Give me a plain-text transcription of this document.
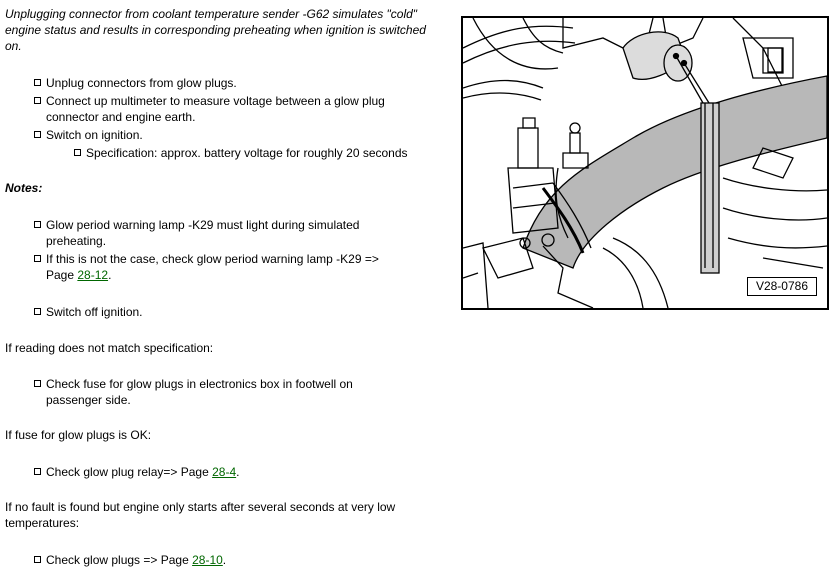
Unplugging connector from coolant temperature sender -G62 simulates "cold" engine status and results in corresponding preheating when ignition is switched on.

Unplug connectors from glow plugs.
Connect up multimeter to measure voltage between a glow plug connector and engine earth.
Switch on ignition.
Specification: approx. battery voltage for roughly 20 seconds

Notes:

Glow period warning lamp -K29 must light during simulated preheating.
If this is not the case, check glow period warning lamp -K29 => Page 28-12.
Switch off ignition.

If reading does not match specification:

Check fuse for glow plugs in electronics box in footwell on passenger side.

If fuse for glow plugs is OK:

Check glow plug relay=> Page 28-4.

If no fault is found but engine only starts after several seconds at very low temperatures:

Check glow plugs => Page 28-10.
V28-0786
